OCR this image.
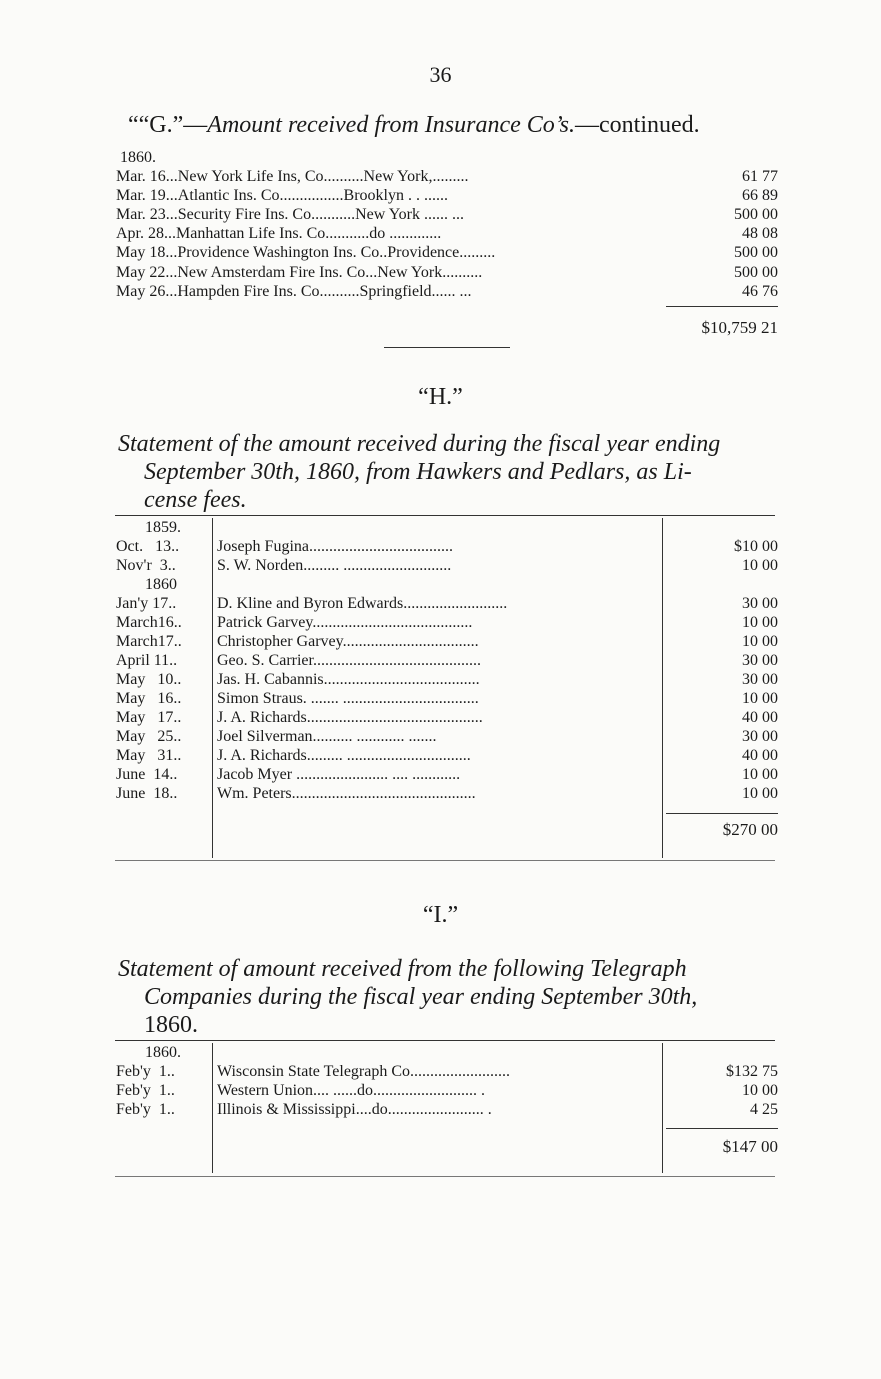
36
““G.”—Amount received from Insurance Co’s.—continued.
1860.
Mar. 16...New York Life Ins, Co..........New York,.........	61 77
Mar. 19...Atlantic Ins. Co................Brooklyn . . ......	66 89
Mar. 23...Security Fire Ins. Co...........New York ...... ...	500 00
Apr. 28...Manhattan Life Ins. Co...........do .............	48 08
May 18...Providence Washington Ins. Co..Providence.........	500 00
May 22...New Amsterdam Fire Ins. Co...New York..........	500 00
May 26...Hampden Fire Ins. Co..........Springfield...... ...	46 76
$10,759 21
“H.”
Statement of the amount received during the fiscal year ending
September 30th, 1860, from Hawkers and Pedlars, as Li-
cense fees.
1859.
Oct.   13.. Joseph Fugina....................................	$10 00
Nov'r  3..	S. W. Norden......... ...........................	10 00
1860
Jan'y 17..	D. Kline and Byron Edwards..........................	30 00
March16.. Patrick Garvey........................................	10 00
March17.. Christopher Garvey..................................	10 00
April 11.. Geo. S. Carrier..........................................	30 00
May   10.. Jas. H. Cabannis.......................................	30 00
May   16.. Simon Straus. ....... ..................................	10 00
May   17.. J. A. Richards............................................	40 00
May   25.. Joel Silverman.......... ............ .......	30 00
May   31.. J. A. Richards......... ...............................	40 00
June  14.. Jacob Myer ....................... .... ............	10 00
June  18.. Wm. Peters..............................................	10 00
$270 00
“I.”
Statement of amount received from the following Telegraph
Companies during the fiscal year ending September 30th,
1860.
1860.
Feb'y  1..	Wisconsin State Telegraph Co.........................	$132 75
Feb'y  1..	Western Union.... ......do.......................... .	10 00
Feb'y  1..	Illinois & Mississippi....do........................ .	4 25
$147 00
